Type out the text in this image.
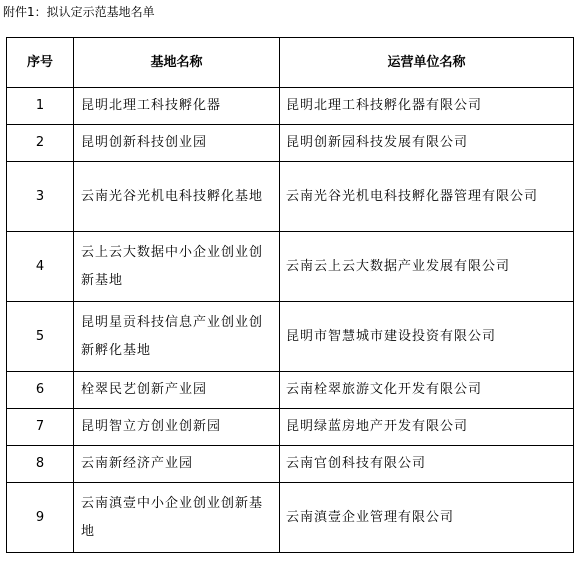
附件1：拟认定示范基地名单
序号	基地名称	运营单位名称
1	昆明北理工科技孵化器	昆明北理工科技孵化器有限公司
2	昆明创新科技创业园	昆明创新园科技发展有限公司
3	云南光谷光机电科技孵化基地	云南光谷光机电科技孵化器管理有限公司
4	云上云大数据中小企业创业创新基地	云南云上云大数据产业发展有限公司
5	昆明星贡科技信息产业创业创新孵化基地	昆明市智慧城市建设投资有限公司
6	栓翠民艺创新产业园	云南栓翠旅游文化开发有限公司
7	昆明智立方创业创新园	昆明绿蓝房地产开发有限公司
8	云南新经济产业园	云南官创科技有限公司
9	云南滇壹中小企业创业创新基地	云南滇壹企业管理有限公司
